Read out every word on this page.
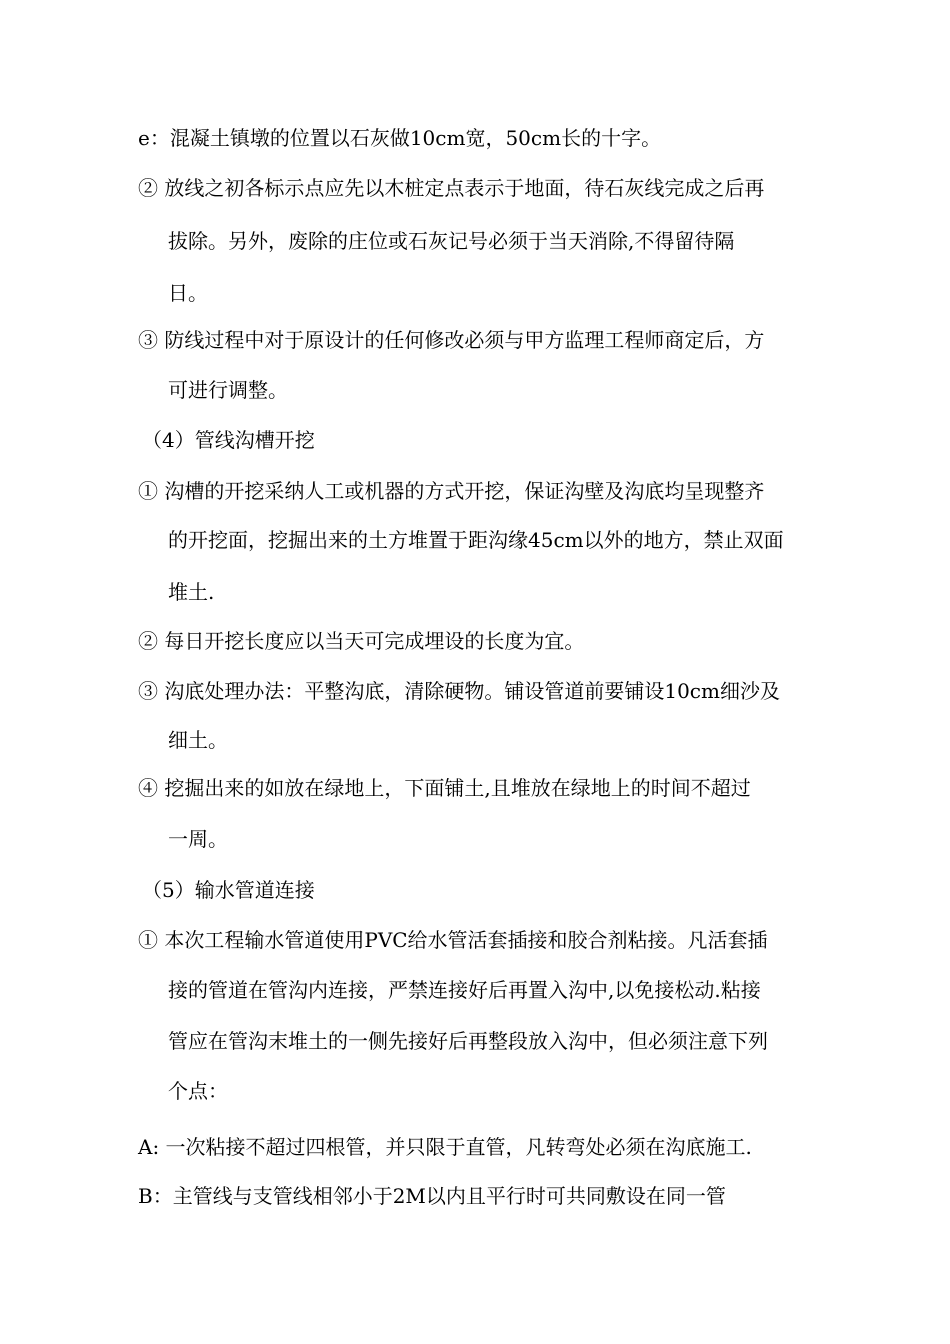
e：混凝土镇墩的位置以石灰做10cm宽，50cm长的十字。
② 放线之初各标示点应先以木桩定点表示于地面，待石灰线完成之后再
拔除。另外，废除的庄位或石灰记号必须于当天消除,不得留待隔
日。
③ 防线过程中对于原设计的任何修改必须与甲方监理工程师商定后，方
可进行调整。
（4）管线沟槽开挖
① 沟槽的开挖采纳人工或机器的方式开挖，保证沟壁及沟底均呈现整齐
的开挖面，挖掘出来的土方堆置于距沟缘45cm以外的地方，禁止双面
堆土.
② 每日开挖长度应以当天可完成埋设的长度为宜。
③ 沟底处理办法：平整沟底，清除硬物。铺设管道前要铺设10cm细沙及
细土。
④ 挖掘出来的如放在绿地上，下面铺土,且堆放在绿地上的时间不超过
一周。
（5）输水管道连接
① 本次工程输水管道使用PVC给水管活套插接和胶合剂粘接。凡活套插
接的管道在管沟内连接，严禁连接好后再置入沟中,以免接松动.粘接
管应在管沟末堆土的一侧先接好后再整段放入沟中，但必须注意下列
个点：
A: 一次粘接不超过四根管，并只限于直管，凡转弯处必须在沟底施工.
B：主管线与支管线相邻小于2M以内且平行时可共同敷设在同一管
